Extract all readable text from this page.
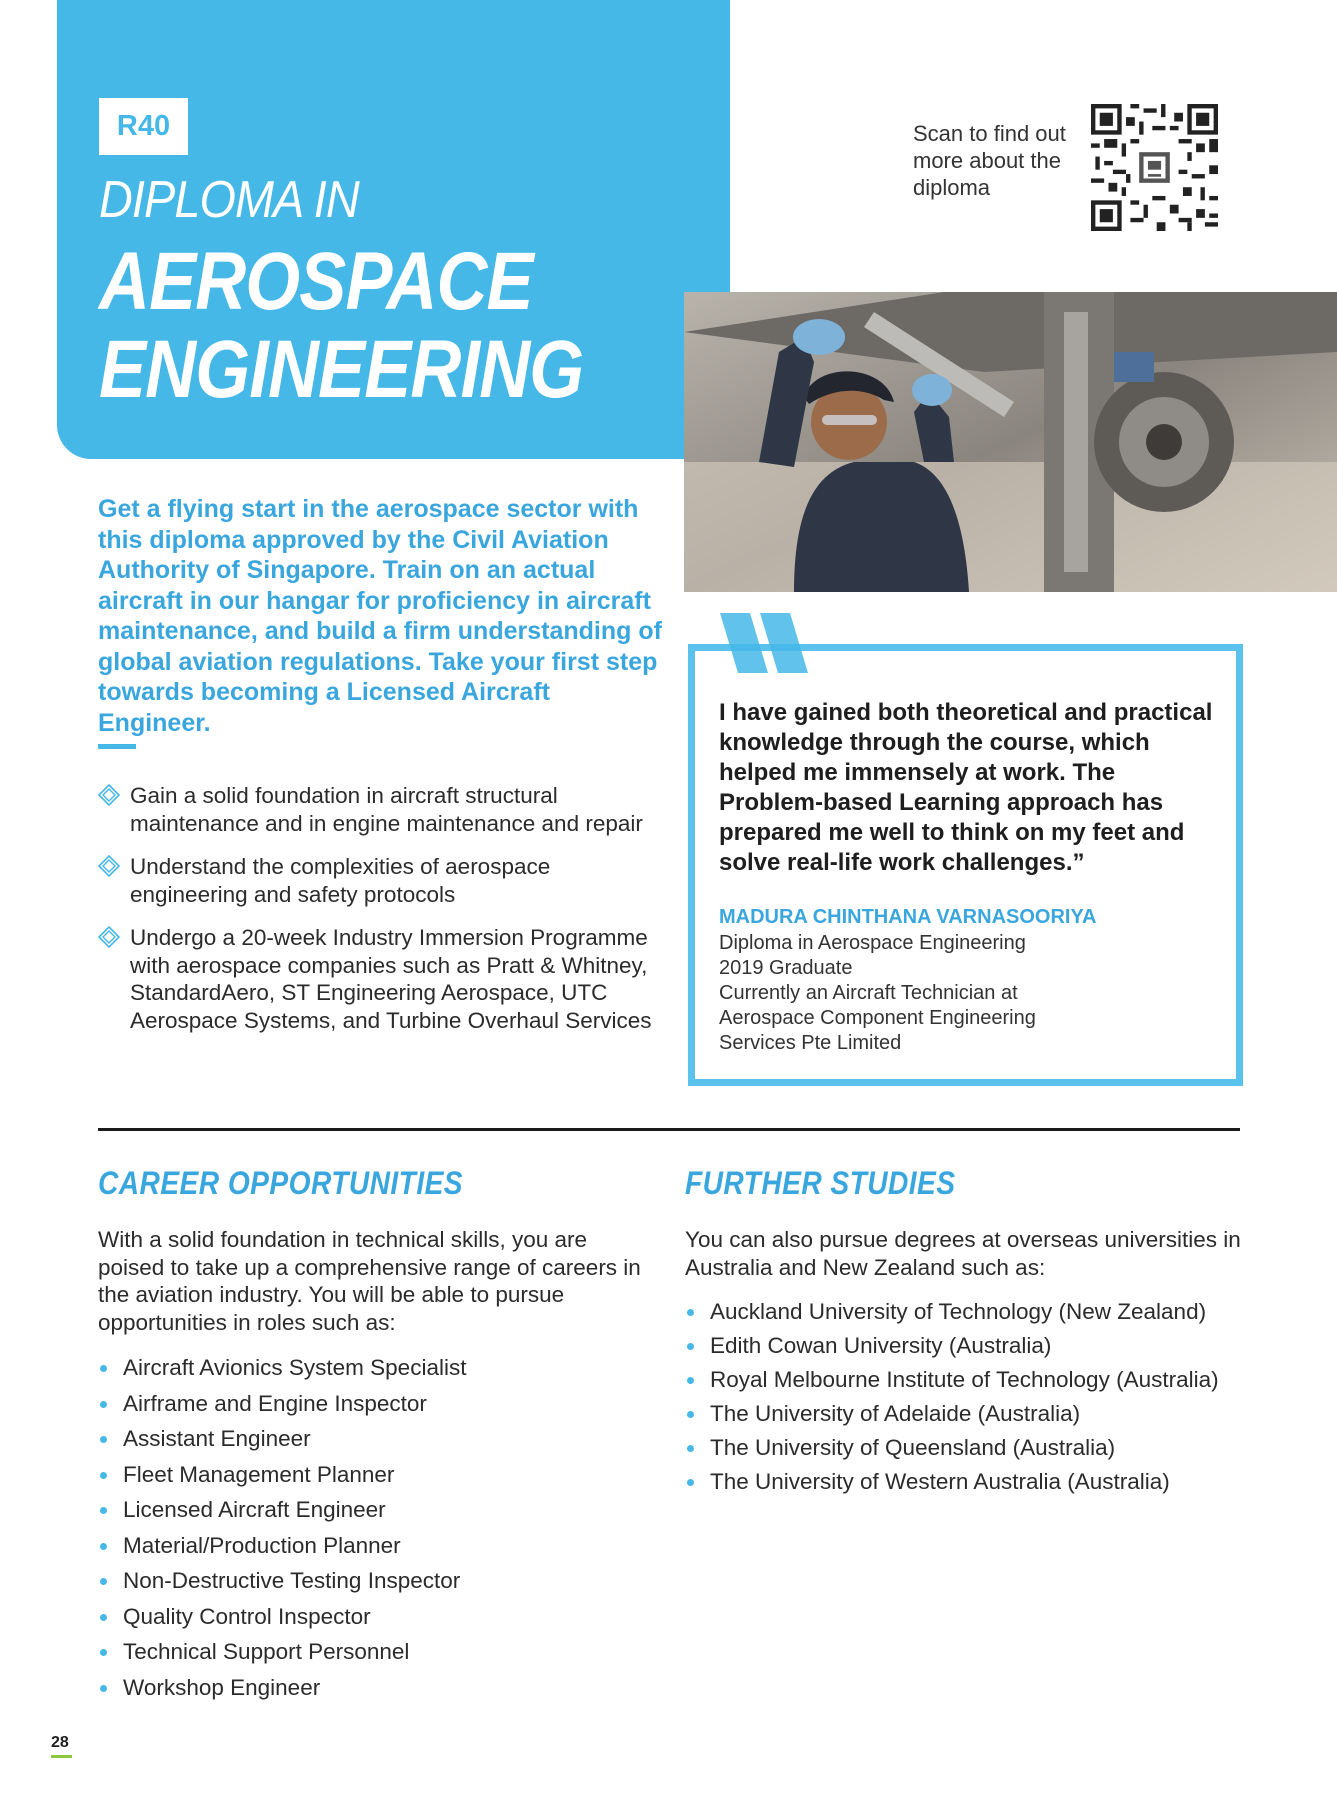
R40
DIPLOMA IN
AEROSPACE
ENGINEERING
Scan to find out
more about the
diploma
Get a flying start in the aerospace sector with this diploma approved by the Civil Aviation Authority of Singapore. Train on an actual aircraft in our hangar for proficiency in aircraft maintenance, and build a firm understanding of global aviation regulations. Take your first step towards becoming a Licensed Aircraft Engineer.
Gain a solid foundation in aircraft structural maintenance and in engine maintenance and repair
Understand the complexities of aerospace engineering and safety protocols
Undergo a 20-week Industry Immersion Programme with aerospace companies such as Pratt & Whitney, StandardAero, ST Engineering Aerospace, UTC Aerospace Systems, and Turbine Overhaul Services
I have gained both theoretical and practical knowledge through the course, which helped me immensely at work. The Problem-based Learning approach has prepared me well to think on my feet and solve real-life work challenges.”
MADURA CHINTHANA VARNASOORIYA
Diploma in Aerospace Engineering
2019 Graduate
Currently an Aircraft Technician at
Aerospace Component Engineering
Services Pte Limited
CAREER OPPORTUNITIES
With a solid foundation in technical skills, you are poised to take up a comprehensive range of careers in the aviation industry. You will be able to pursue opportunities in roles such as:
Aircraft Avionics System Specialist
Airframe and Engine Inspector
Assistant Engineer
Fleet Management Planner
Licensed Aircraft Engineer
Material/Production Planner
Non-Destructive Testing Inspector
Quality Control Inspector
Technical Support Personnel
Workshop Engineer
FURTHER STUDIES
You can also pursue degrees at overseas universities in Australia and New Zealand such as:
Auckland University of Technology (New Zealand)
Edith Cowan University (Australia)
Royal Melbourne Institute of Technology (Australia)
The University of Adelaide (Australia)
The University of Queensland (Australia)
The University of Western Australia (Australia)
28
